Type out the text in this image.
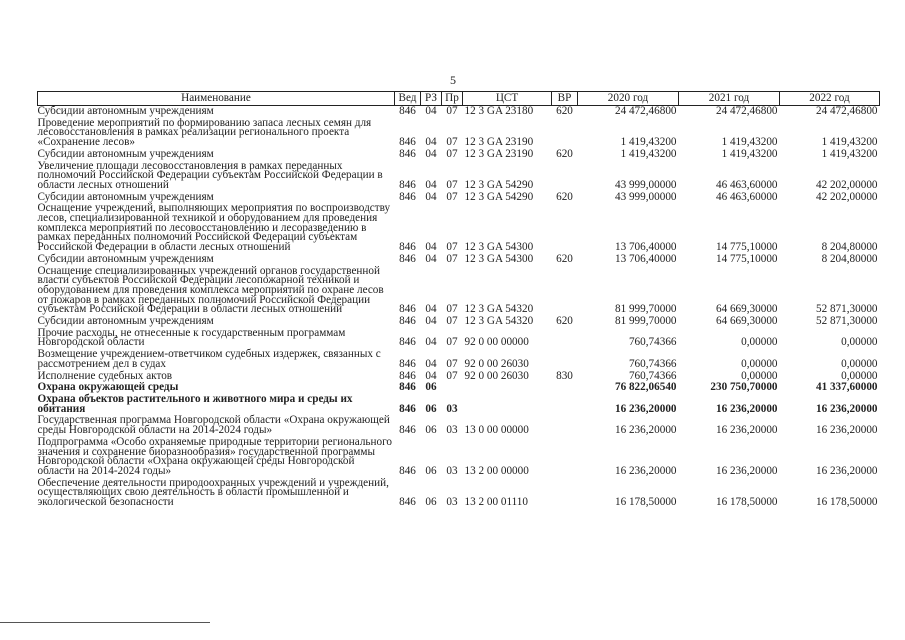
5
Наименование	Вед	РЗ	Пр	ЦСТ	ВР	2020 год	2021 год	2022 год
Субсидии автономным учреждениям	846	04	07	12 3 GA 23180	620	24 472,46800	24 472,46800	24 472,46800
Проведение мероприятий по формированию запаса лесных семян для лесовосстановления в рамках реализации регионального проекта «Сохранение лесов»	846	04	07	12 3 GA 23190		1 419,43200	1 419,43200	1 419,43200
Субсидии автономным учреждениям	846	04	07	12 3 GA 23190	620	1 419,43200	1 419,43200	1 419,43200
Увеличение площади лесовосстановления в рамках переданных полномочий Российской Федерации субъектам Российской Федерации в области лесных отношений	846	04	07	12 3 GA 54290		43 999,00000	46 463,60000	42 202,00000
Субсидии автономным учреждениям	846	04	07	12 3 GA 54290	620	43 999,00000	46 463,60000	42 202,00000
Оснащение учреждений, выполняющих мероприятия по воспроизводству лесов, специализированной техникой и оборудованием для проведения комплекса мероприятий по лесовосстановлению и лесоразведению в рамках переданных полномочий Российской Федерации субъектам Российской Федерации в области лесных отношений	846	04	07	12 3 GA 54300		13 706,40000	14 775,10000	8 204,80000
Субсидии автономным учреждениям	846	04	07	12 3 GA 54300	620	13 706,40000	14 775,10000	8 204,80000
Оснащение специализированных учреждений органов государственной власти субъектов Российской Федерации лесопожарной техникой и оборудованием для проведения комплекса мероприятий по охране лесов от пожаров в рамках переданных полномочий Российской Федерации субъектам Российской Федерации в области лесных отношений	846	04	07	12 3 GA 54320		81 999,70000	64 669,30000	52 871,30000
Субсидии автономным учреждениям	846	04	07	12 3 GA 54320	620	81 999,70000	64 669,30000	52 871,30000
Прочие расходы, не отнесенные к государственным программам Новгородской области	846	04	07	92 0 00 00000		760,74366	0,00000	0,00000
Возмещение учреждением-ответчиком судебных издержек, связанных с рассмотрением дел в судах	846	04	07	92 0 00 26030		760,74366	0,00000	0,00000
Исполнение судебных актов	846	04	07	92 0 00 26030	830	760,74366	0,00000	0,00000
Охрана окружающей среды	846	06				76 822,06540	230 750,70000	41 337,60000
Охрана объектов растительного и животного мира и среды их обитания	846	06	03			16 236,20000	16 236,20000	16 236,20000
Государственная программа Новгородской области «Охрана окружающей среды Новгородской области на 2014-2024 годы»	846	06	03	13 0 00 00000		16 236,20000	16 236,20000	16 236,20000
Подпрограмма «Особо охраняемые природные территории регионального значения и сохранение биоразнообразия» государственной программы Новгородской области «Охрана окружающей среды Новгородской области на 2014-2024 годы»	846	06	03	13 2 00 00000		16 236,20000	16 236,20000	16 236,20000
Обеспечение деятельности природоохранных учреждений и учреждений, осуществляющих свою деятельность в области промышленной и экологической безопасности	846	06	03	13 2 00 01110		16 178,50000	16 178,50000	16 178,50000
